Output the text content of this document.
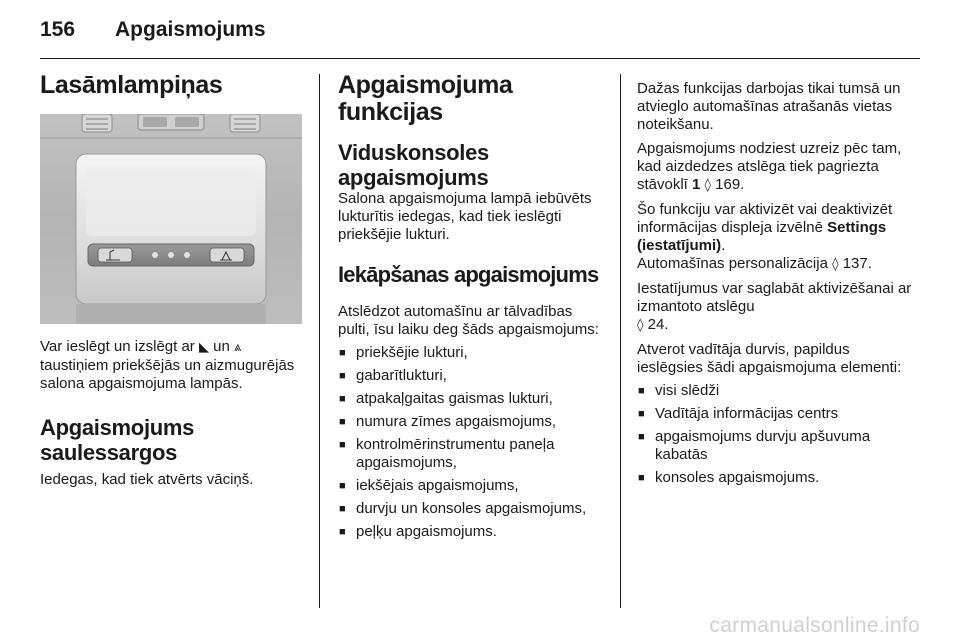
156 Apgaismojums
Lasāmlampiņas

Var ieslēgt un izslēgt ar ◣ un ⩓ taustiņiem priekšējās un aizmugurējās salona apgaismojuma lampās.

Apgaismojums saulessargos

Iedegas, kad tiek atvērts vāciņš.

Apgaismojuma funkcijas
Viduskonsoles apgaismojums

Salona apgaismojuma lampā iebūvēts lukturītis iedegas, kad tiek ieslēgti priekšējie lukturi.

Iekāpšanas apgaismojums

Atslēdzot automašīnu ar tālvadības pulti, īsu laiku deg šāds apgaismojums:

■ priekšējie lukturi,
■ gabarītlukturi,
■ atpakaļgaitas gaismas lukturi,
■ numura zīmes apgaismojums,
■ kontrolmērinstrumentu paneļa apgaismojums,
■ iekšējais apgaismojums,
■ durvju un konsoles apgaismojums,
■ peļķu apgaismojums.

Dažas funkcijas darbojas tikai tumsā un atvieglo automašīnas atrašanās vietas noteikšanu.

Apgaismojums nodziest uzreiz pēc tam, kad aizdedzes atslēga tiek pagriezta stāvoklī 1 ◊ 169.

Šo funkciju var aktivizēt vai deaktivizēt informācijas displeja izvēlnē Settings (iestatījumi).
Automašīnas personalizācija ◊ 137.

Iestatījumus var saglabāt aktivizēšanai ar izmantoto atslēgu
◊ 24.

Atverot vadītāja durvis, papildus ieslēgsies šādi apgaismojuma elementi:

■ visi slēdži
■ Vadītāja informācijas centrs
■ apgaismojums durvju apšuvuma kabatās
■ konsoles apgaismojums.
carmanualsonline.info
